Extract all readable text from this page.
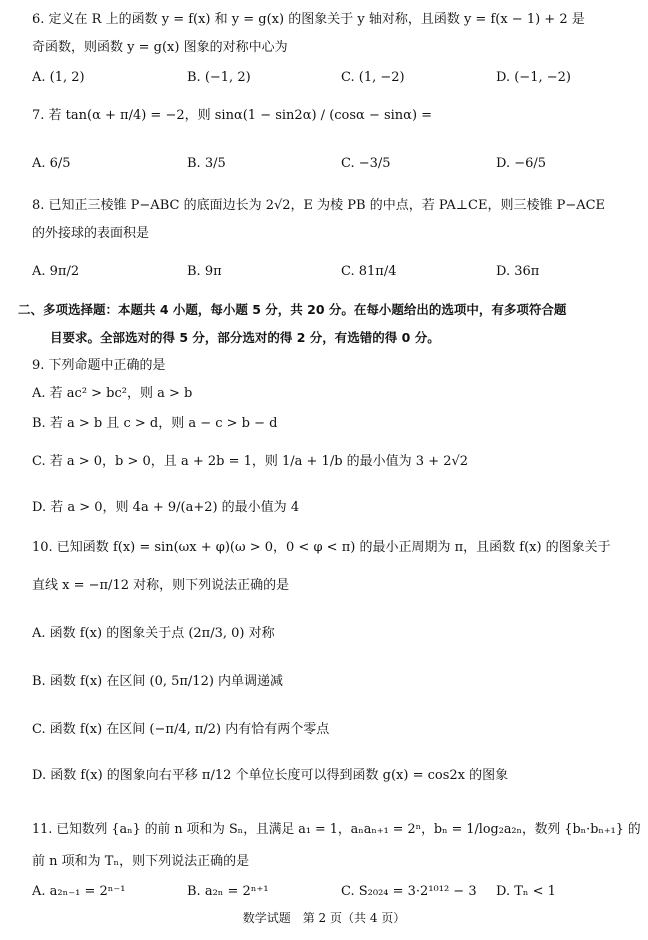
6. 定义在 R 上的函数 y = f(x) 和 y = g(x) 的图象关于 y 轴对称，且函数 y = f(x − 1) + 2 是
奇函数，则函数 y = g(x) 图象的对称中心为
A. (1, 2)	B. (−1, 2)	C. (1, −2)	D. (−1, −2)
7. 若 tan(α + π/4) = −2，则 sinα(1 − sin2α) / (cosα − sinα) =
A. 6/5	B. 3/5	C. −3/5	D. −6/5
8. 已知正三棱锥 P−ABC 的底面边长为 2√2，E 为棱 PB 的中点，若 PA⊥CE，则三棱锥 P−ACE
的外接球的表面积是
A. 9π/2	B. 9π	C. 81π/4	D. 36π
二、多项选择题：本题共 4 小题，每小题 5 分，共 20 分。在每小题给出的选项中，有多项符合题
目要求。全部选对的得 5 分，部分选对的得 2 分，有选错的得 0 分。
9. 下列命题中正确的是
A. 若 ac² > bc²，则 a > b
B. 若 a > b 且 c > d，则 a − c > b − d
C. 若 a > 0，b > 0，且 a + 2b = 1，则 1/a + 1/b 的最小值为 3 + 2√2
D. 若 a > 0，则 4a + 9/(a+2) 的最小值为 4
10. 已知函数 f(x) = sin(ωx + φ)(ω > 0，0 < φ < π) 的最小正周期为 π，且函数 f(x) 的图象关于
直线 x = −π/12 对称，则下列说法正确的是
A. 函数 f(x) 的图象关于点 (2π/3, 0) 对称
B. 函数 f(x) 在区间 (0, 5π/12) 内单调递减
C. 函数 f(x) 在区间 (−π/4, π/2) 内有恰有两个零点
D. 函数 f(x) 的图象向右平移 π/12 个单位长度可以得到函数 g(x) = cos2x 的图象
11. 已知数列 {aₙ} 的前 n 项和为 Sₙ，且满足 a₁ = 1，aₙaₙ₊₁ = 2ⁿ，bₙ = 1/log₂a₂ₙ，数列 {bₙ·bₙ₊₁} 的
前 n 项和为 Tₙ，则下列说法正确的是
A. a₂ₙ₋₁ = 2ⁿ⁻¹	B. a₂ₙ = 2ⁿ⁺¹	C. S₂₀₂₄ = 3·2¹⁰¹² − 3 D. Tₙ < 1
数学试题　第 2 页（共 4 页）
